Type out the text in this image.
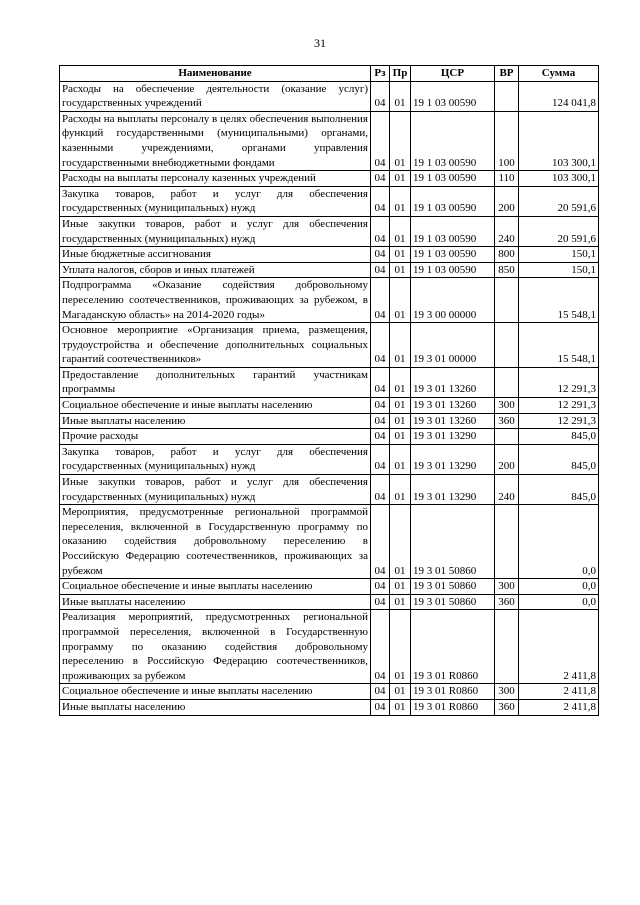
31
Наименование	Рз	Пр	ЦСР	ВР	Сумма
Расходы на обеспечение деятельности (оказание услуг) государственных учреждений	04	01	19 1 03 00590		124 041,8
Расходы на выплаты персоналу в целях обеспечения выполнения функций государственными (муниципальными) органами, казенными учреждениями, органами управления государственными внебюджетными фондами	04	01	19 1 03 00590	100	103 300,1
Расходы на выплаты персоналу казенных учреждений	04	01	19 1 03 00590	110	103 300,1
Закупка товаров, работ и услуг для обеспечения государственных (муниципальных) нужд	04	01	19 1 03 00590	200	20 591,6
Иные закупки товаров, работ и услуг для обеспечения государственных (муниципальных) нужд	04	01	19 1 03 00590	240	20 591,6
Иные бюджетные ассигнования	04	01	19 1 03 00590	800	150,1
Уплата налогов, сборов и иных платежей	04	01	19 1 03 00590	850	150,1
Подпрограмма «Оказание содействия добровольному переселению соотечественников, проживающих за рубежом, в Магаданскую область» на 2014-2020 годы»	04	01	19 3 00 00000		15 548,1
Основное мероприятие «Организация приема, размещения, трудоустройства и обеспечение дополнительных социальных гарантий соотечественников»	04	01	19 3 01 00000		15 548,1
Предоставление дополнительных гарантий участникам программы	04	01	19 3 01 13260		12 291,3
Социальное обеспечение и иные выплаты населению	04	01	19 3 01 13260	300	12 291,3
Иные выплаты населению	04	01	19 3 01 13260	360	12 291,3
Прочие расходы	04	01	19 3 01 13290		845,0
Закупка товаров, работ и услуг для обеспечения государственных (муниципальных) нужд	04	01	19 3 01 13290	200	845,0
Иные закупки товаров, работ и услуг для обеспечения государственных (муниципальных) нужд	04	01	19 3 01 13290	240	845,0
Мероприятия, предусмотренные региональной программой переселения, включенной в Государственную программу по оказанию содействия добровольному переселению в Российскую Федерацию соотечественников, проживающих за рубежом	04	01	19 3 01 50860		0,0
Социальное обеспечение и иные выплаты населению	04	01	19 3 01 50860	300	0,0
Иные выплаты населению	04	01	19 3 01 50860	360	0,0
Реализация мероприятий, предусмотренных региональной программой переселения, включенной в Государственную программу по оказанию содействия добровольному переселению в Российскую Федерацию соотечественников, проживающих за рубежом	04	01	19 3 01 R0860		2 411,8
Социальное обеспечение и иные выплаты населению	04	01	19 3 01 R0860	300	2 411,8
Иные выплаты населению	04	01	19 3 01 R0860	360	2 411,8
